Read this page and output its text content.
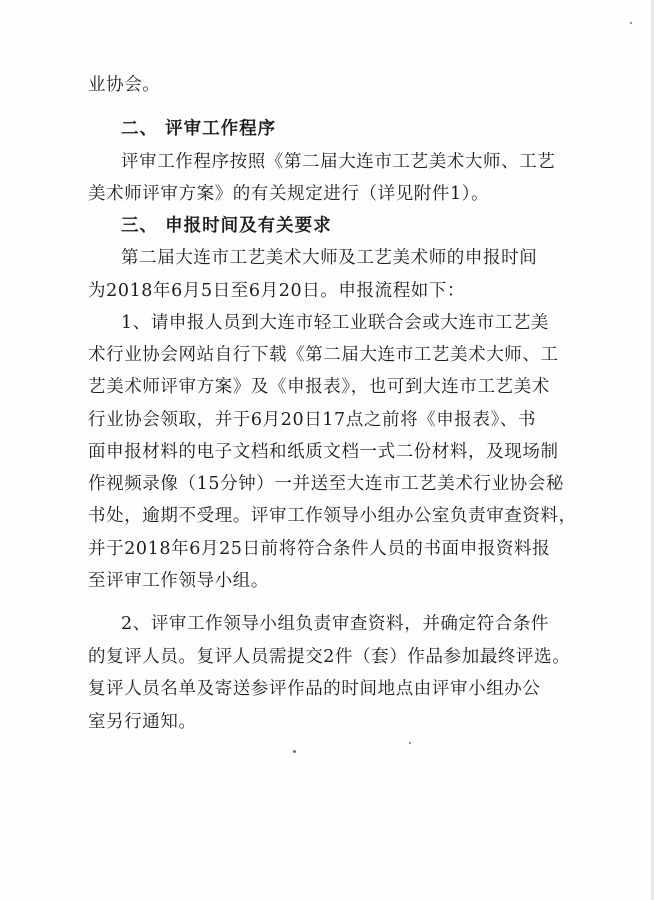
业协会。
二、 评审工作程序
评审工作程序按照《第二届大连市工艺美术大师、工艺
美术师评审方案》的有关规定进行（详见附件1）。
三、 申报时间及有关要求
第二届大连市工艺美术大师及工艺美术师的申报时间
为2018年6月5日至6月20日。申报流程如下：
1、请申报人员到大连市轻工业联合会或大连市工艺美
术行业协会网站自行下载《第二届大连市工艺美术大师、工
艺美术师评审方案》及《申报表》，也可到大连市工艺美术
行业协会领取，并于6月20日17点之前将《申报表》、书
面申报材料的电子文档和纸质文档一式二份材料，及现场制
作视频录像（15分钟）一并送至大连市工艺美术行业协会秘
书处，逾期不受理。评审工作领导小组办公室负责审查资料，
并于2018年6月25日前将符合条件人员的书面申报资料报
至评审工作领导小组。
2、评审工作领导小组负责审查资料，并确定符合条件
的复评人员。复评人员需提交2件（套）作品参加最终评选。
复评人员名单及寄送参评作品的时间地点由评审小组办公
室另行通知。
